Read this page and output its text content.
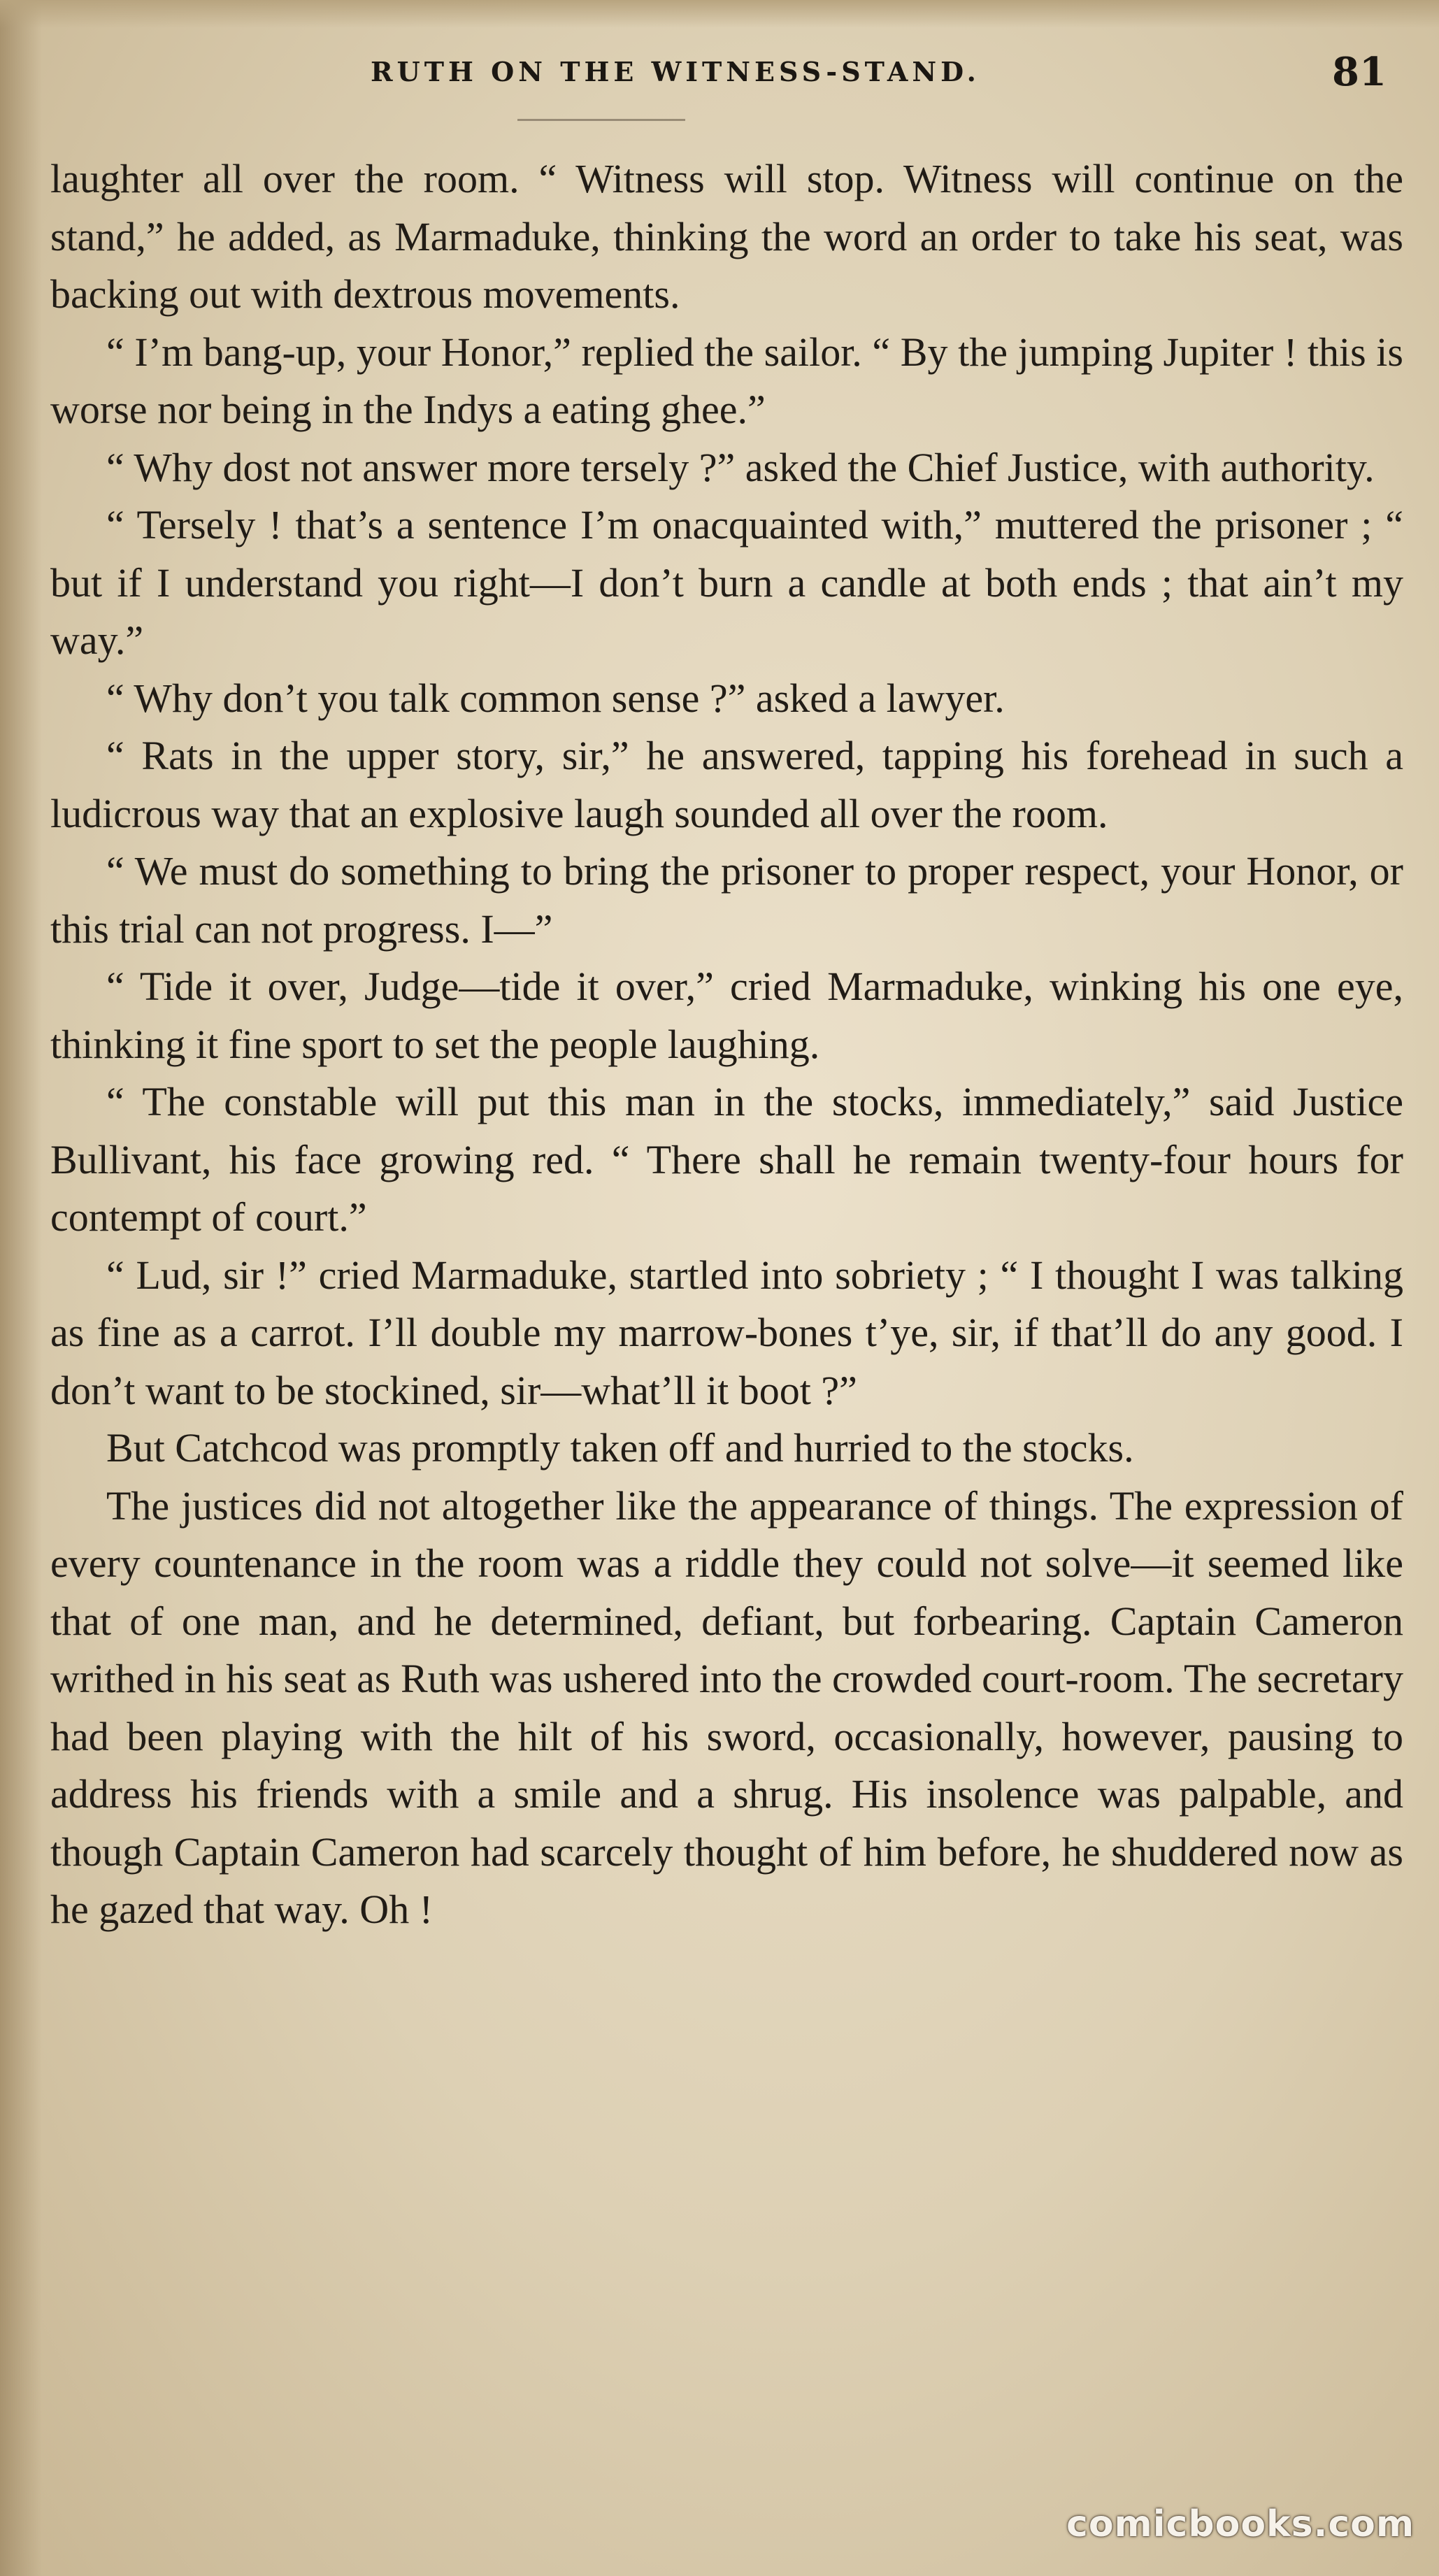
RUTH ON THE WITNESS-STAND.	81

laughter all over the room. “ Witness will stop. Witness will continue on the stand,” he added, as Marmaduke, thinking the word an order to take his seat, was backing out with dextrous movements.

“ I’m bang-up, your Honor,” replied the sailor. “ By the jumping Jupiter ! this is worse nor being in the Indys a eating ghee.”

“ Why dost not answer more tersely ?” asked the Chief Justice, with authority.

“ Tersely ! that’s a sentence I’m onacquainted with,” muttered the prisoner ; “ but if I understand you right—I don’t burn a candle at both ends ; that ain’t my way.”

“ Why don’t you talk common sense ?” asked a lawyer.

“ Rats in the upper story, sir,” he answered, tapping his forehead in such a ludicrous way that an explosive laugh sounded all over the room.

“ We must do something to bring the prisoner to proper respect, your Honor, or this trial can not progress. I—”

“ Tide it over, Judge—tide it over,” cried Marmaduke, winking his one eye, thinking it fine sport to set the people laughing.

“ The constable will put this man in the stocks, immediately,” said Justice Bullivant, his face growing red. “ There shall he remain twenty-four hours for contempt of court.”

“ Lud, sir !” cried Marmaduke, startled into sobriety ; “ I thought I was talking as fine as a carrot. I’ll double my marrow-bones t’ye, sir, if that’ll do any good. I don’t want to be stockined, sir—what’ll it boot ?”

But Catchcod was promptly taken off and hurried to the stocks.

The justices did not altogether like the appearance of things. The expression of every countenance in the room was a riddle they could not solve—it seemed like that of one man, and he determined, defiant, but forbearing. Captain Cameron writhed in his seat as Ruth was ushered into the crowded court-room. The secretary had been playing with the hilt of his sword, occasionally, however, pausing to address his friends with a smile and a shrug. His insolence was palpable, and though Captain Cameron had scarcely thought of him before, he shuddered now as he gazed that way. Oh !

comicbooks.com
